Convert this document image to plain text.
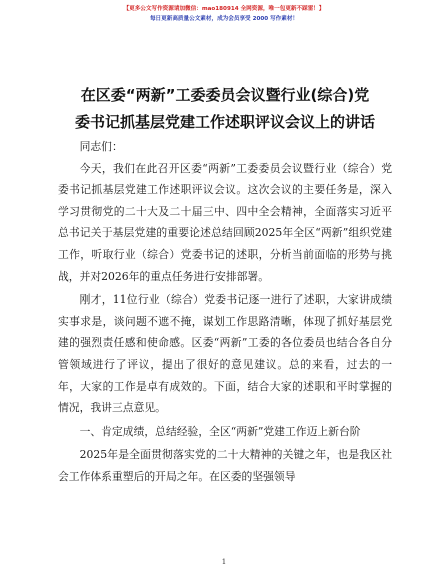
【更多公文写作资源请加微信：mao180914 全网资源，唯一包更新不踩雷！】
每日更新高质量公文素材，成为会员享受 2000 写作素材！
在区委“两新”工委委员会议暨行业(综合)党
委书记抓基层党建工作述职评议会议上的讲话

同志们：

今天，我们在此召开区委“两新”工委委员会议暨行业（综合）党委书记抓基层党建工作述职评议会议。这次会议的主要任务是，深入学习贯彻党的二十大及二十届三中、四中全会精神，全面落实习近平总书记关于基层党建的重要论述总结回顾2025年全区“两新”组织党建工作，听取行业（综合）党委书记的述职，分析当前面临的形势与挑战，并对2026年的重点任务进行安排部署。

刚才，11位行业（综合）党委书记逐一进行了述职，大家讲成绩实事求是，谈问题不遮不掩，谋划工作思路清晰，体现了抓好基层党建的强烈责任感和使命感。区委“两新”工委的各位委员也结合各自分管领域进行了评议，提出了很好的意见建议。总的来看，过去的一年，大家的工作是卓有成效的。下面，结合大家的述职和平时掌握的情况，我讲三点意见。

一、肯定成绩，总结经验，全区“两新”党建工作迈上新台阶

2025年是全面贯彻落实党的二十大精神的关键之年，也是我区社会工作体系重塑后的开局之年。在区委的坚强领导

1
